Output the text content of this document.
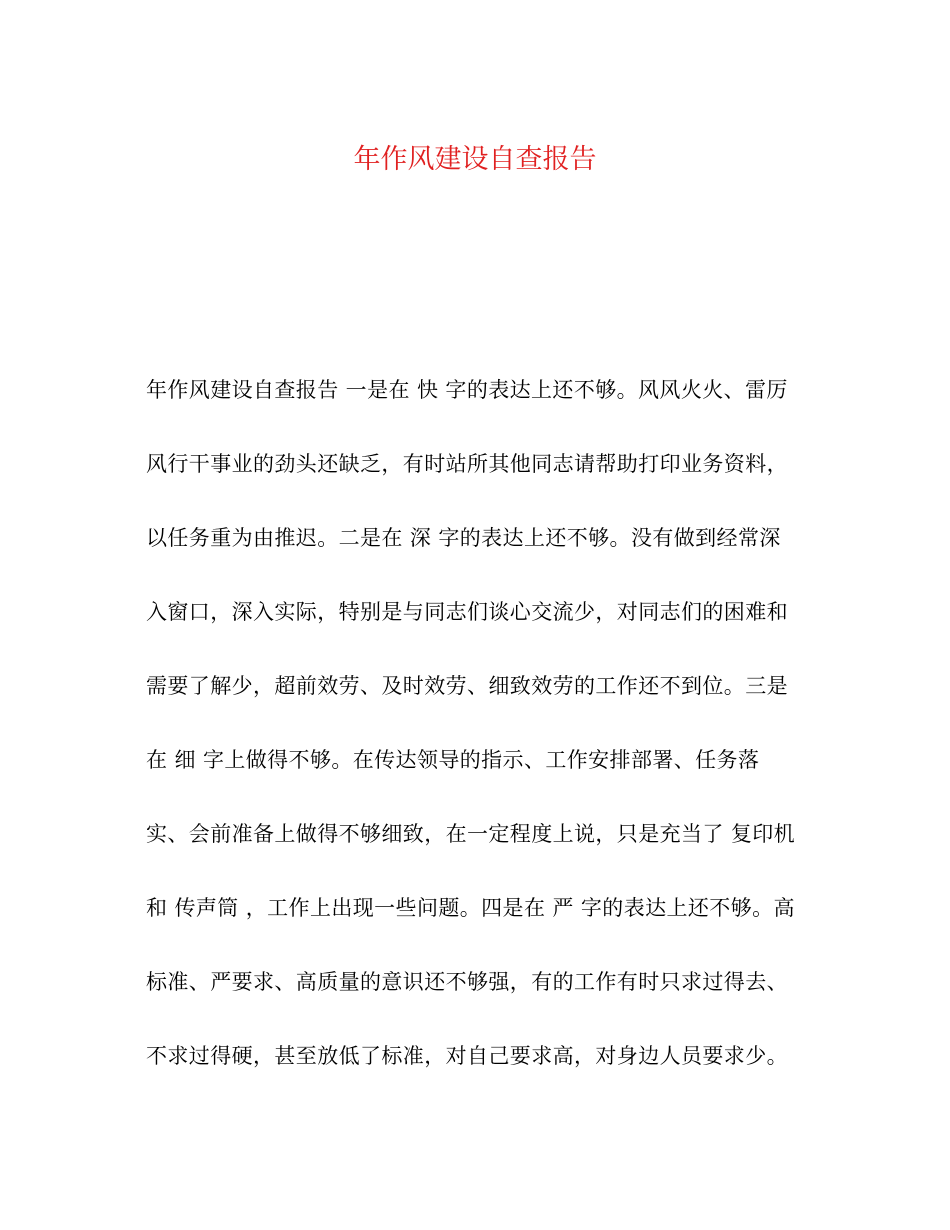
年作风建设自查报告
年作风建设自查报告 一是在 快 字的表达上还不够。风风火火、雷厉
风行干事业的劲头还缺乏，有时站所其他同志请帮助打印业务资料，
以任务重为由推迟。二是在 深 字的表达上还不够。没有做到经常深
入窗口，深入实际，特别是与同志们谈心交流少，对同志们的困难和
需要了解少，超前效劳、及时效劳、细致效劳的工作还不到位。三是
在 细 字上做得不够。在传达领导的指示、工作安排部署、任务落
实、会前准备上做得不够细致，在一定程度上说，只是充当了 复印机
和 传声筒 ，工作上出现一些问题。四是在 严 字的表达上还不够。高
标准、严要求、高质量的意识还不够强，有的工作有时只求过得去、
不求过得硬，甚至放低了标准，对自己要求高，对身边人员要求少。
